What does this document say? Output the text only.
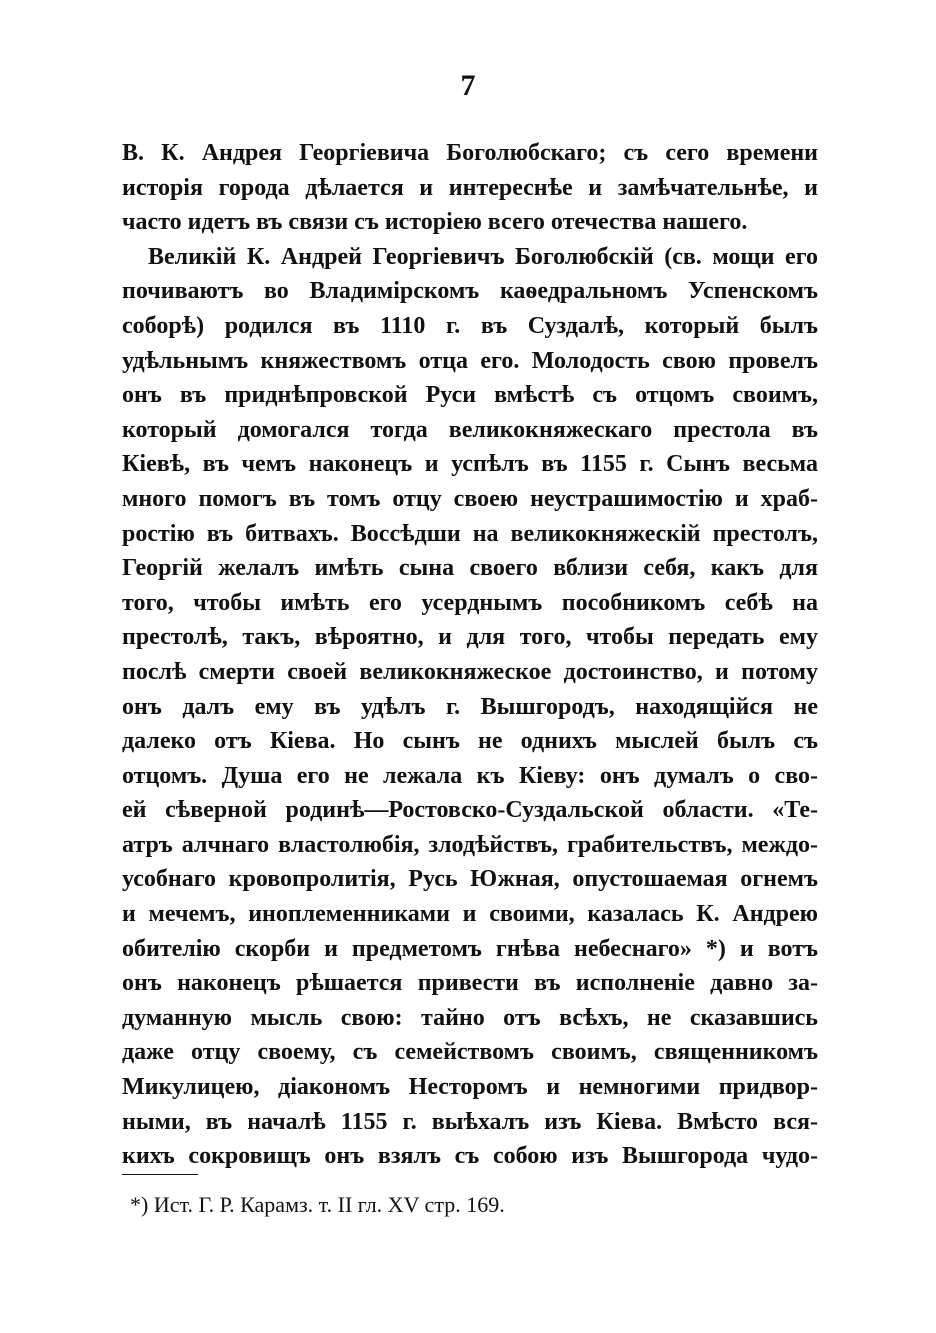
7
В. К. Андрея Георгіевича Боголюбскаго; съ сего времени
исторія города дѣлается и интереснѣе и замѣчательнѣе, и
часто идетъ въ связи съ исторіею всего отечества нашего.
Великій К. Андрей Георгіевичъ Боголюбскій (св. мощи его
почиваютъ во Владимірскомъ каѳедральномъ Успенскомъ
соборѣ) родился въ 1110 г. въ Суздалѣ, который былъ
удѣльнымъ княжествомъ отца его. Молодость свою провелъ
онъ въ приднѣпровской Руси вмѣстѣ съ отцомъ своимъ,
который домогался тогда великокняжескаго престола въ
Кіевѣ, въ чемъ наконецъ и успѣлъ въ 1155 г. Сынъ весьма
много помогъ въ томъ отцу своею неустрашимостію и храб-
ростію въ битвахъ. Воссѣдши на великокняжескій престолъ,
Георгій желалъ имѣть сына своего вблизи себя, какъ для
того, чтобы имѣть его усерднымъ пособникомъ себѣ на
престолѣ, такъ, вѣроятно, и для того, чтобы передать ему
послѣ смерти своей великокняжеское достоинство, и потому
онъ далъ ему въ удѣлъ г. Вышгородъ, находящійся не
далеко отъ Кіева. Но сынъ не однихъ мыслей былъ съ
отцомъ. Душа его не лежала къ Кіеву: онъ думалъ о сво-
ей сѣверной родинѣ—Ростовско-Суздальской области. «Те-
атръ алчнаго властолюбія, злодѣйствъ, грабительствъ, междо-
усобнаго кровопролитія, Русь Южная, опустошаемая огнемъ
и мечемъ, иноплеменниками и своими, казалась К. Андрею
обителію скорби и предметомъ гнѣва небеснаго» *) и вотъ
онъ наконецъ рѣшается привести въ исполненіе давно за-
думанную мысль свою: тайно отъ всѣхъ, не сказавшись
даже отцу своему, съ семействомъ своимъ, священникомъ
Микулицею, діакономъ Несторомъ и немногими придвор-
ными, въ началѣ 1155 г. выѣхалъ изъ Кіева. Вмѣсто вся-
кихъ сокровищъ онъ взялъ съ собою изъ Вышгорода чудо-
*) Ист. Г. Р. Карамз. т. II гл. XV стр. 169.
